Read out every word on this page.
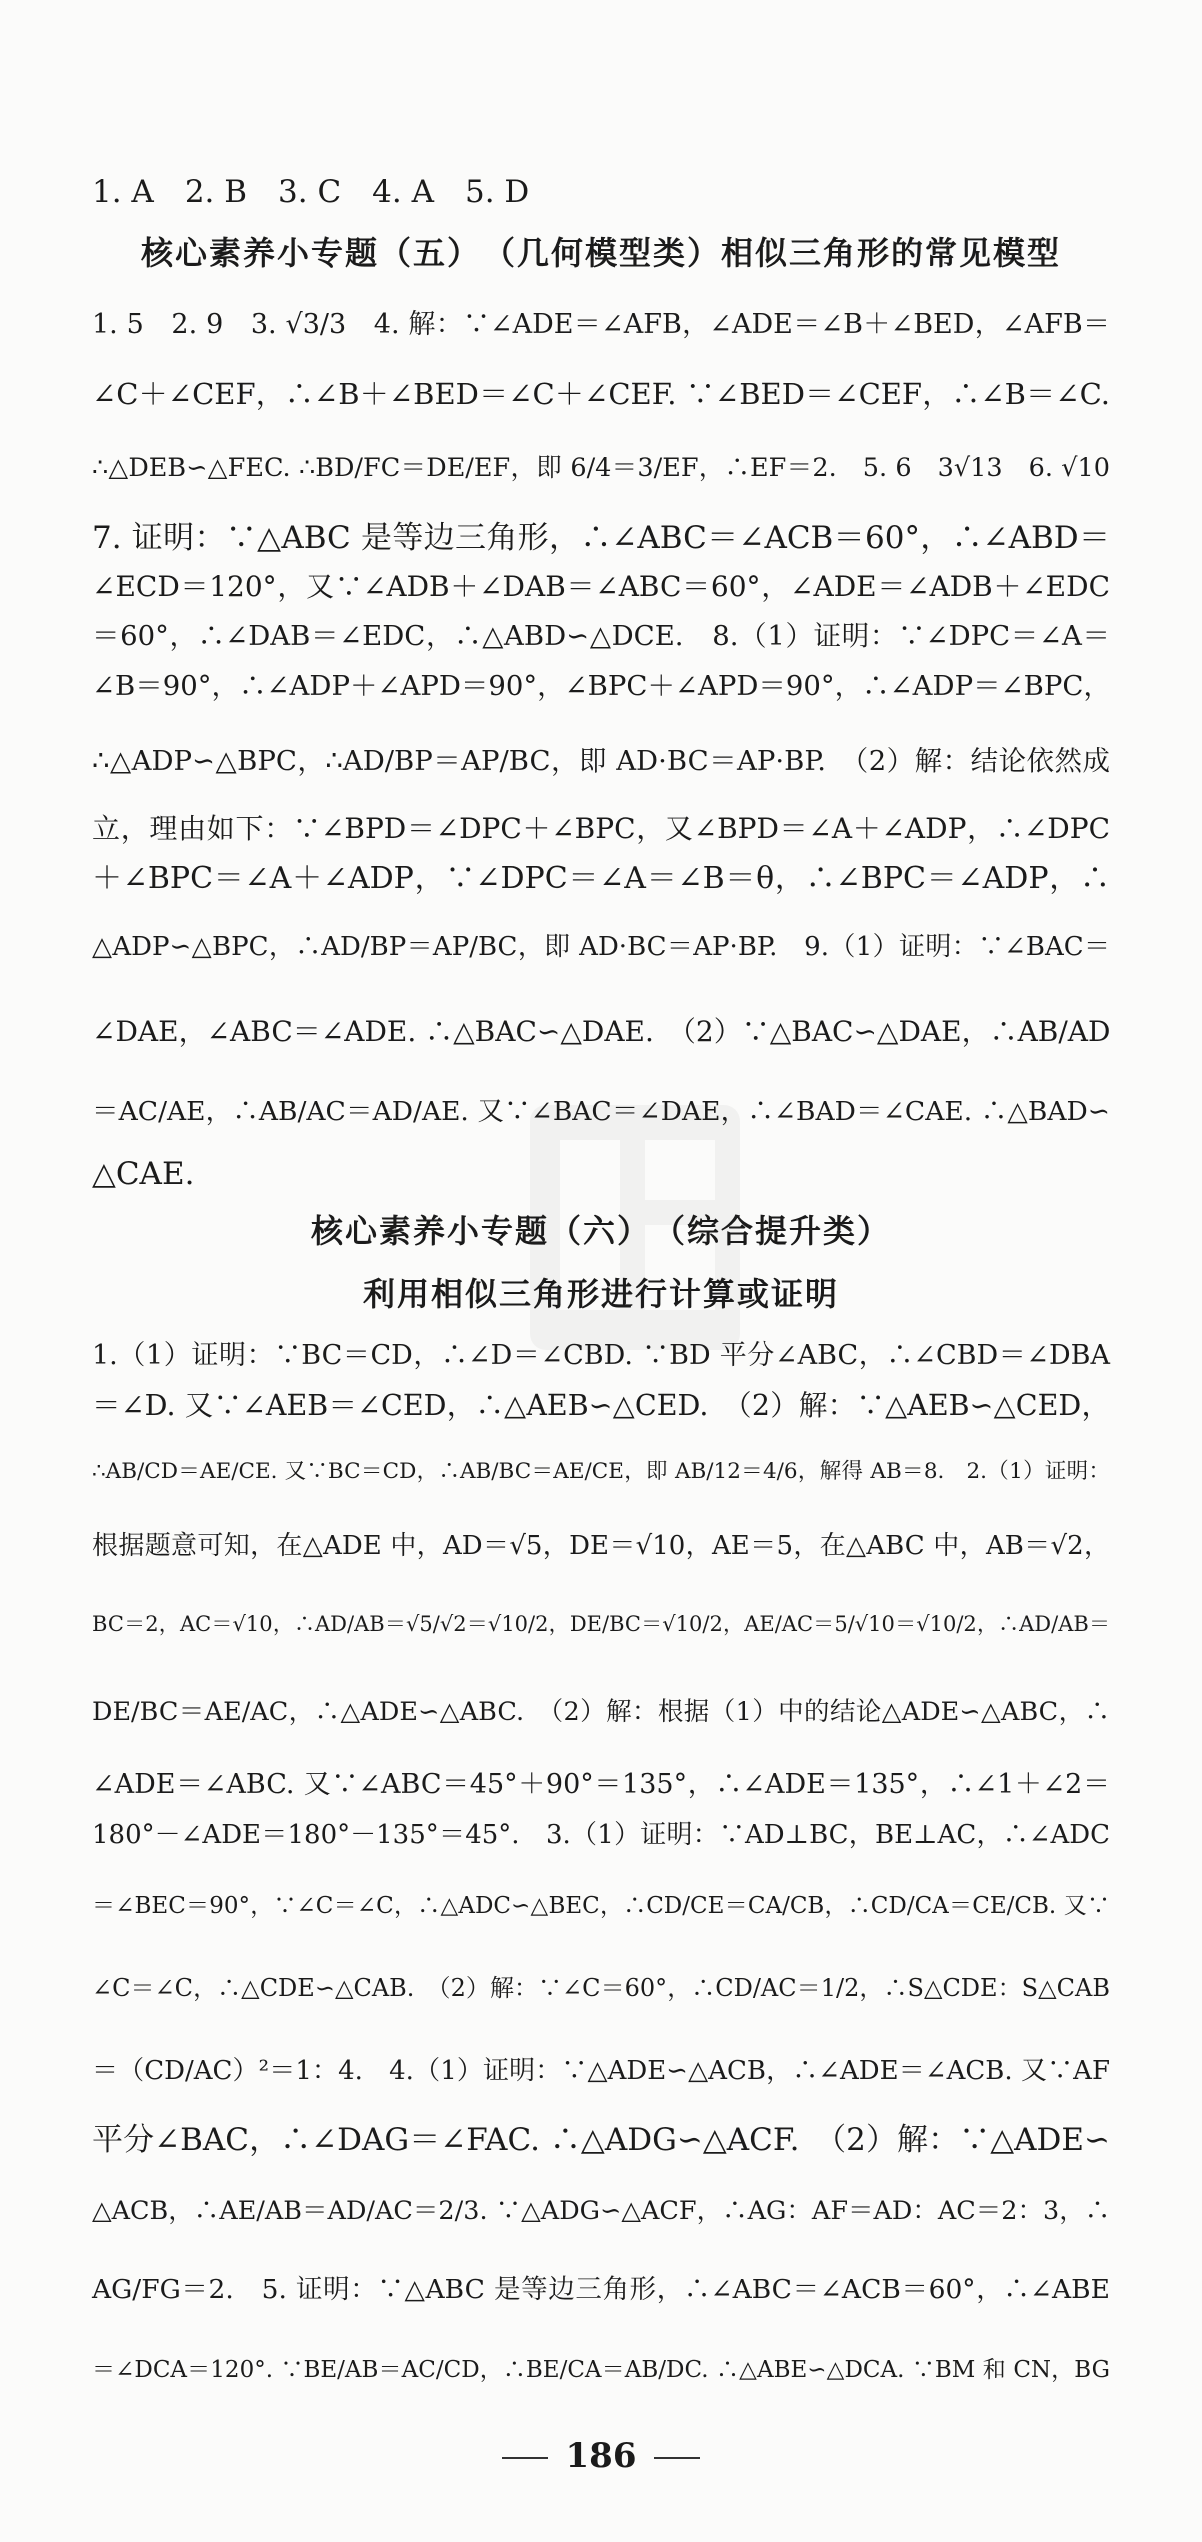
1. A　2. B　3. C　4. A　5. D
核心素养小专题（五）　（几何模型类）相似三角形的常见模型
1. 5　2. 9　3. √3/3　4. 解：∵∠ADE＝∠AFB，∠ADE＝∠B＋∠BED，∠AFB＝
∠C＋∠CEF，∴∠B＋∠BED＝∠C＋∠CEF. ∵∠BED＝∠CEF，∴∠B＝∠C.
∴△DEB∽△FEC. ∴BD/FC＝DE/EF，即 6/4＝3/EF，∴EF＝2.　5. 6　3√13　6. √10
7. 证明：∵△ABC 是等边三角形，∴∠ABC＝∠ACB＝60°，∴∠ABD＝
∠ECD＝120°，又∵∠ADB＋∠DAB＝∠ABC＝60°，∠ADE＝∠ADB＋∠EDC
＝60°，∴∠DAB＝∠EDC，∴△ABD∽△DCE.　8.（1）证明：∵∠DPC＝∠A＝
∠B＝90°，∴∠ADP＋∠APD＝90°，∠BPC＋∠APD＝90°，∴∠ADP＝∠BPC，
∴△ADP∽△BPC，∴AD/BP＝AP/BC，即 AD·BC＝AP·BP.　（2）解：结论依然成
立，理由如下：∵∠BPD＝∠DPC＋∠BPC，又∠BPD＝∠A＋∠ADP，∴∠DPC
＋∠BPC＝∠A＋∠ADP，∵∠DPC＝∠A＝∠B＝θ，∴∠BPC＝∠ADP，∴
△ADP∽△BPC，∴AD/BP＝AP/BC，即 AD·BC＝AP·BP.　9.（1）证明：∵∠BAC＝
∠DAE，∠ABC＝∠ADE. ∴△BAC∽△DAE.　（2）∵△BAC∽△DAE，∴AB/AD
＝AC/AE，∴AB/AC＝AD/AE. 又∵∠BAC＝∠DAE，∴∠BAD＝∠CAE. ∴△BAD∽
△CAE.
核心素养小专题（六）　（综合提升类）
利用相似三角形进行计算或证明
1.（1）证明：∵BC＝CD，∴∠D＝∠CBD. ∵BD 平分∠ABC，∴∠CBD＝∠DBA
＝∠D. 又∵∠AEB＝∠CED，∴△AEB∽△CED.　（2）解：∵△AEB∽△CED，
∴AB/CD＝AE/CE. 又∵BC＝CD，∴AB/BC＝AE/CE，即 AB/12＝4/6，解得 AB＝8.　2.（1）证明：
根据题意可知，在△ADE 中，AD＝√5，DE＝√10，AE＝5，在△ABC 中，AB＝√2，
BC＝2，AC＝√10，∴AD/AB＝√5/√2＝√10/2，DE/BC＝√10/2，AE/AC＝5/√10＝√10/2，∴AD/AB＝
DE/BC＝AE/AC，∴△ADE∽△ABC.　（2）解：根据（1）中的结论△ADE∽△ABC，∴
∠ADE＝∠ABC. 又∵∠ABC＝45°＋90°＝135°，∴∠ADE＝135°，∴∠1＋∠2＝
180°－∠ADE＝180°－135°＝45°.　3.（1）证明：∵AD⊥BC，BE⊥AC，∴∠ADC
＝∠BEC＝90°，∵∠C＝∠C，∴△ADC∽△BEC，∴CD/CE＝CA/CB，∴CD/CA＝CE/CB. 又∵
∠C＝∠C，∴△CDE∽△CAB.　（2）解：∵∠C＝60°，∴CD/AC＝1/2，∴S△CDE：S△CAB
＝（CD/AC）²＝1：4.　4.（1）证明：∵△ADE∽△ACB，∴∠ADE＝∠ACB. 又∵AF
平分∠BAC，∴∠DAG＝∠FAC. ∴△ADG∽△ACF.　（2）解：∵△ADE∽
△ACB，∴AE/AB＝AD/AC＝2/3. ∵△ADG∽△ACF，∴AG：AF＝AD：AC＝2：3，∴
AG/FG＝2.　5. 证明：∵△ABC 是等边三角形，∴∠ABC＝∠ACB＝60°，∴∠ABE
＝∠DCA＝120°. ∵BE/AB＝AC/CD，∴BE/CA＝AB/DC. ∴△ABE∽△DCA. ∵BM 和 CN，BG
186
